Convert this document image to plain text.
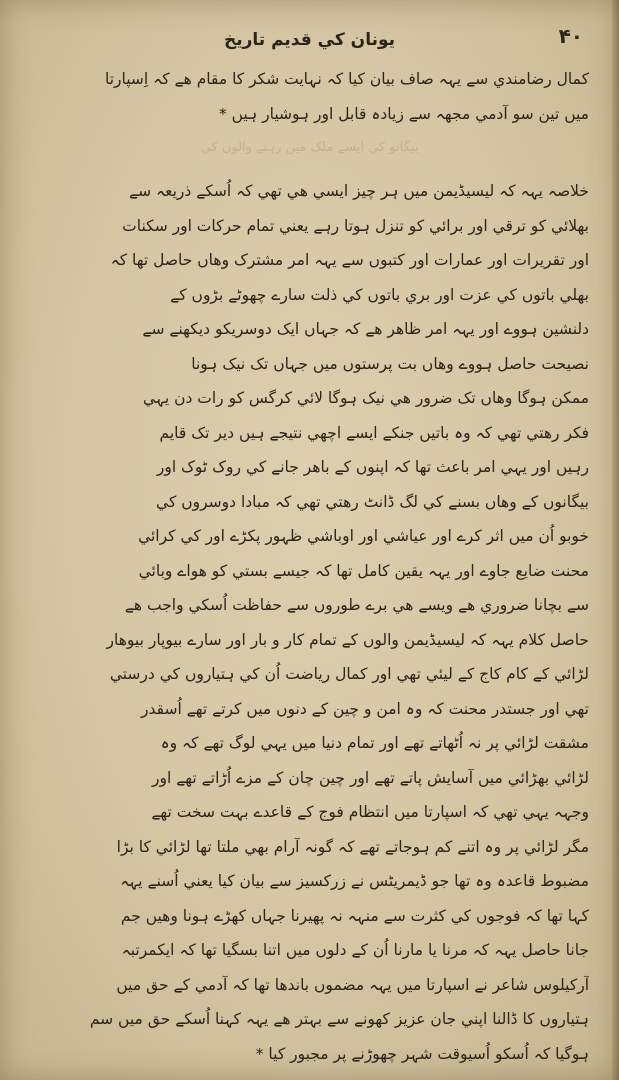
یونان کي قدیم تاریخ	۴۰
کمال رضامندي سے یہہ صاف بیان کیا کہ نہایت شکر کا مقام ھے کہ اِسپارتا
میں تین سو آدمي مجھہ سے زیادہ قابل اور ہوشیار ہیں *
بیگانو کي ایسے ملک ميں رہنے والوں کي
خلاصہ یہہ کہ لیسیڈیمن میں ہر چیز ایسي ھي تھي کہ اُسکے ذریعہ سے
بھلائي کو ترقي اور برائي کو تنزل ہوتا رہے یعني تمام حرکات اور سکنات
اور تقریرات اور عمارات اور کتبوں سے یہہ امر مشترک وھاں حاصل تھا کہ
بھلي باتوں کي عزت اور بري باتوں کي ذلت سارے چھوٹے بڑوں کے
دلنشین ہووے اور یہہ امر ظاھر ھے کہ جہاں ایک دوسریکو دیکھنے سے
نصیحت حاصل ہووے وھاں بت پرستوں میں جہاں تک نیک ہونا
ممکن ہوگا وھاں تک ضرور ھي نیک ہوگا لائي کرگس کو رات دن یہي
فکر رھتي تھي کہ وہ باتیں جنکے ایسے اچھي نتیجے ہیں دیر تک قایم
رہیں اور یہي امر باعث تھا کہ اپنوں کے باھر جانے کي روک ٹوک اور
بیگانوں کے وھاں بسنے کي لگ ڈانٹ رھتي تھي کہ مبادا دوسروں کي
خوبو اُن میں اثر کرے اور عیاشي اور اوباشي ظہور پکڑے اور کي کرائي
محنت ضایع جاوے اور یہہ یقین کامل تھا کہ جیسے بستي کو ھواے وبائي
سے بچانا ضروري ھے ویسے ھي برے طوروں سے حفاظت اُسکي واجب ھے
حاصل کلام یہہ کہ لیسیڈیمن والوں کے تمام کار و بار اور سارے بیوپار بیوھار
لڑائي کے کام کاج کے لیئي تھي اور کمال ریاضت اُن کي ہتیاروں کي درستي
تھي اور جستدر محنت کہ وہ امن و چین کے دنوں میں کرتے تھے اُسقدر
مشقت لڑائي پر نہ اُٹھاتے تھے اور تمام دنیا میں یہي لوگ تھے کہ وہ
لڑائي بھڑائي میں آسایش پاتے تھے اور چین چان کے مزے اُڑاتے تھے اور
وجہہ یہي تھي کہ اسپارتا میں انتظام فوج کے قاعدے بہت سخت تھے
مگر لڑائي پر وہ اتنے کم ہوجاتے تھے کہ گونہ آرام بھي ملتا تھا لڑائي کا بڑا
مضبوط قاعدہ وہ تھا جو ڈیمریٹس نے زرکسیز سے بیان کیا یعني اُسنے یہہ
کہا تھا کہ فوجوں کي کثرت سے منہہ نہ پھیرنا جہاں کھڑے ہونا وھیں جم
جانا حاصل یہہ کہ مرنا یا مارنا اُن کے دلوں میں اتنا بسگیا تھا کہ ایکمرتبہ
آرکیلوس شاعر نے اسپارتا میں یہہ مضموں باندھا تھا کہ آدمي کے حق میں
ہتیاروں کا ڈالنا اپني جان عزیز کھونے سے بہتر ھے یہہ کہنا اُسکے حق میں سم
ہوگیا کہ اُسکو اُسیوقت شہر چھوڑنے پر مجبور کیا *
